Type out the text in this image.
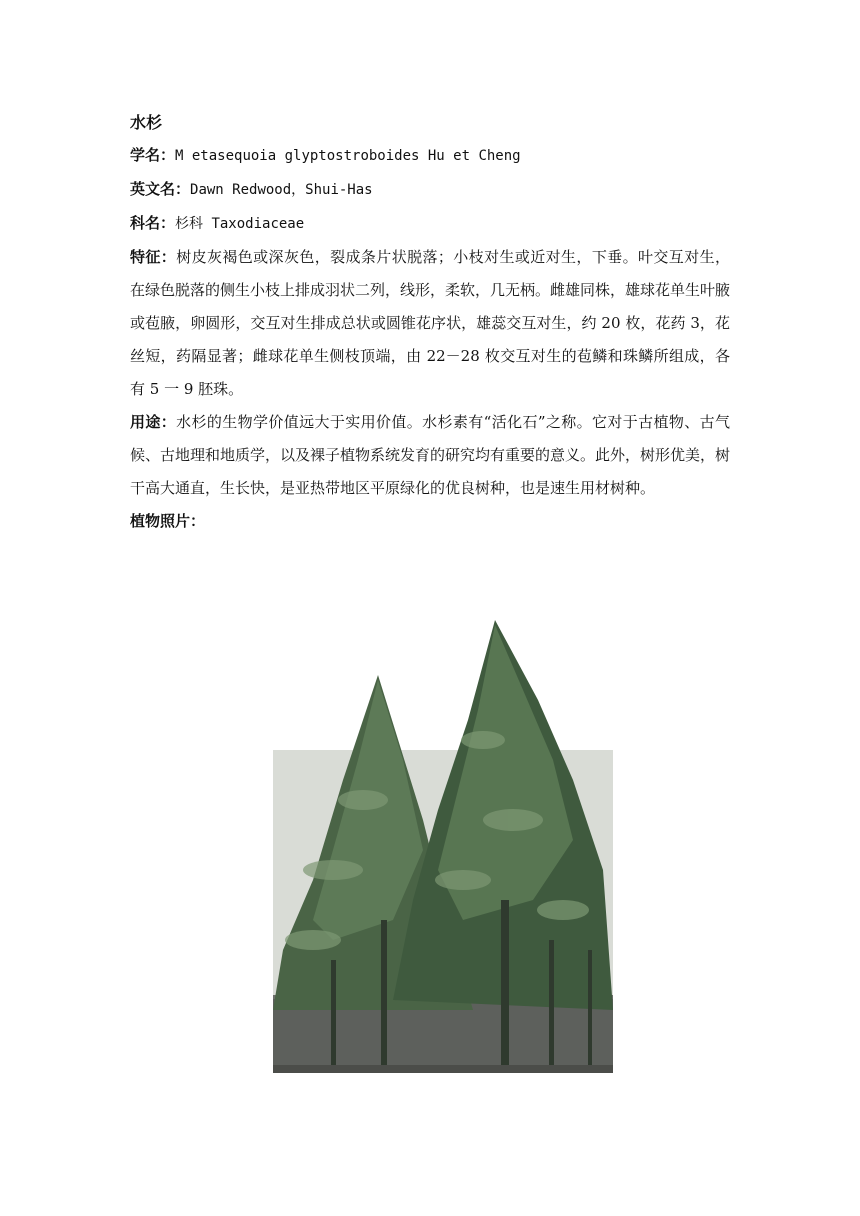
水杉

学名：M etasequoia glyptostroboides Hu et Cheng

英文名：Dawn Redwood，Shui-Has

科名：杉科 Taxodiaceae

特征：树皮灰褐色或深灰色，裂成条片状脱落；小枝对生或近对生，下垂。叶交互对生，在绿色脱落的侧生小枝上排成羽状二列，线形，柔软，几无柄。雌雄同株，雄球花单生叶腋或苞腋，卵圆形，交互对生排成总状或圆锥花序状，雄蕊交互对生，约 20 枚，花药 3，花丝短，药隔显著；雌球花单生侧枝顶端，由 22－28 枚交互对生的苞鳞和珠鳞所组成，各有 5 一 9 胚珠。

用途：水杉的生物学价值远大于实用价值。水杉素有“活化石”之称。它对于古植物、古气候、古地理和地质学，以及裸子植物系统发育的研究均有重要的意义。此外，树形优美，树干高大通直，生长快，是亚热带地区平原绿化的优良树种，也是速生用材树种。

植物照片：
